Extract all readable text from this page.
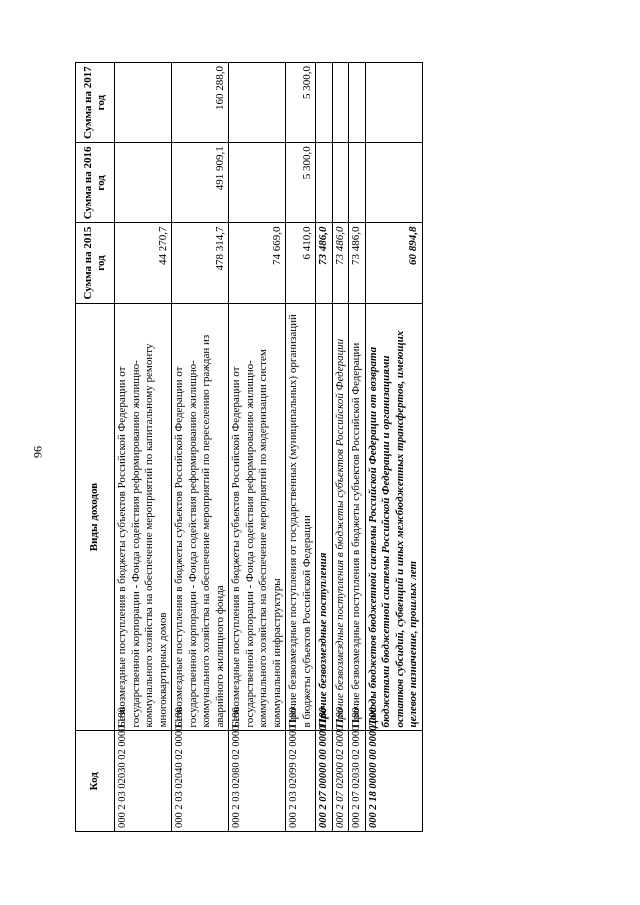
96
Код	Виды доходов	Сумма на 2015 год	Сумма на 2016 год	Сумма на 2017 год
000 2 03 02030 02 0000 180	Безвозмездные поступления в бюджеты субъектов Российской Федерации от государственной корпорации - Фонда содействия реформированию жилищно-коммунального хозяйства на обеспечение мероприятий по капитальному ремонту многоквартирных домов	44 270,7		
000 2 03 02040 02 0000 180	Безвозмездные поступления в бюджеты субъектов Российской Федерации от государственной корпорации - Фонда содействия реформированию жилищно-коммунального хозяйства на обеспечение мероприятий по переселению граждан из аварийного жилищного фонда	478 314,7	491 909,1	160 288,0
000 2 03 02080 02 0000 180	Безвозмездные поступления в бюджеты субъектов Российской Федерации от государственной корпорации - Фонда содействия реформированию жилищно-коммунального хозяйства на обеспечение мероприятий по модернизации систем коммунальной инфраструктуры	74 669,0		
000 2 03 02099 02 0000 180	Прочие безвозмездные поступления от государственных (муниципальных) организаций в бюджеты субъектов Российской Федерации	6 410,0	5 300,0	5 300,0
000 2 07 00000 00 0000 180	Прочие безвозмездные поступления	73 486,0		
000 2 07 02000 02 0000 180	Прочие безвозмездные поступления в бюджеты субъектов Российской Федерации	73 486,0		
000 2 07 02030 02 0000 180	Прочие безвозмездные поступления в бюджеты субъектов Российской Федерации	73 486,0		
000 2 18 00000 00 0000 000	Доходы бюджетов бюджетной системы Российской Федерации от возврата бюджетами бюджетной системы Российской Федерации и организациями остатков субсидий, субвенций и иных межбюджетных трансфертов, имеющих целевое назначение, прошлых лет	60 894,8		
